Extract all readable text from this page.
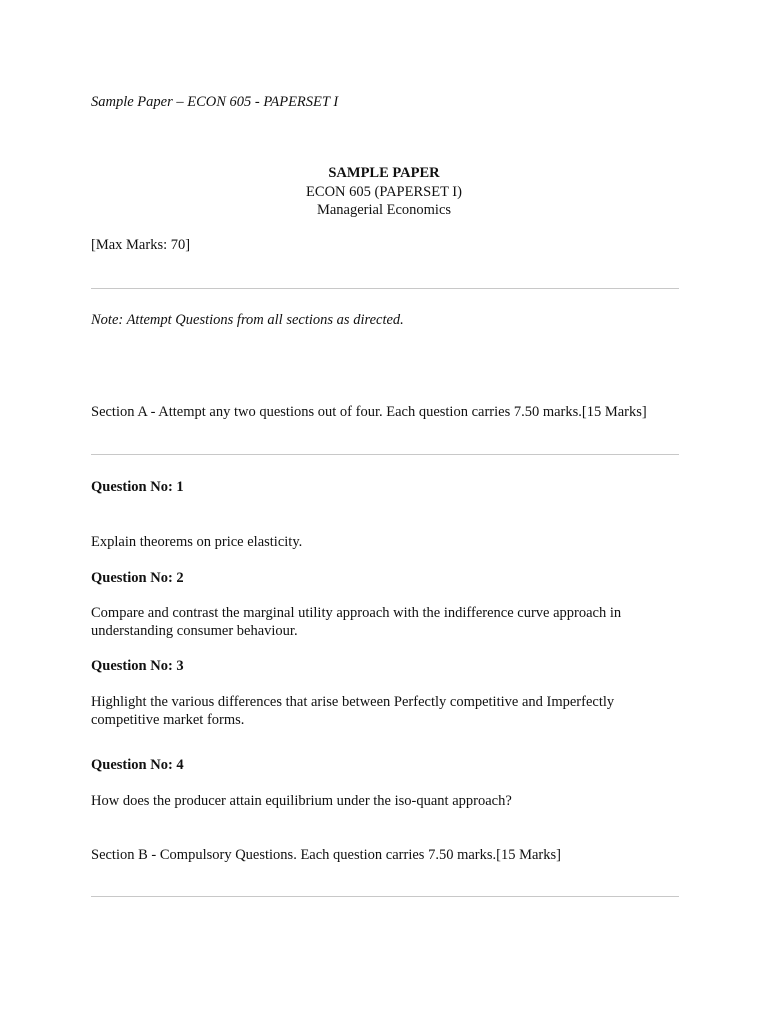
Sample Paper – ECON 605 - PAPERSET I

SAMPLE PAPER

ECON 605 (PAPERSET I)

Managerial Economics

[Max Marks: 70]

Note: Attempt Questions from all sections as directed.

Section A - Attempt any two questions out of four. Each question carries 7.50 marks.[15 Marks]

Question No: 1

Explain theorems on price elasticity.

Question No: 2

Compare and contrast the marginal utility approach with the indifference curve approach in understanding consumer behaviour.

Question No: 3

Highlight the various differences that arise between Perfectly competitive and Imperfectly competitive market forms.

Question No: 4

How does the producer attain equilibrium under the iso-quant approach?

Section B - Compulsory Questions. Each question carries 7.50 marks.[15 Marks]
